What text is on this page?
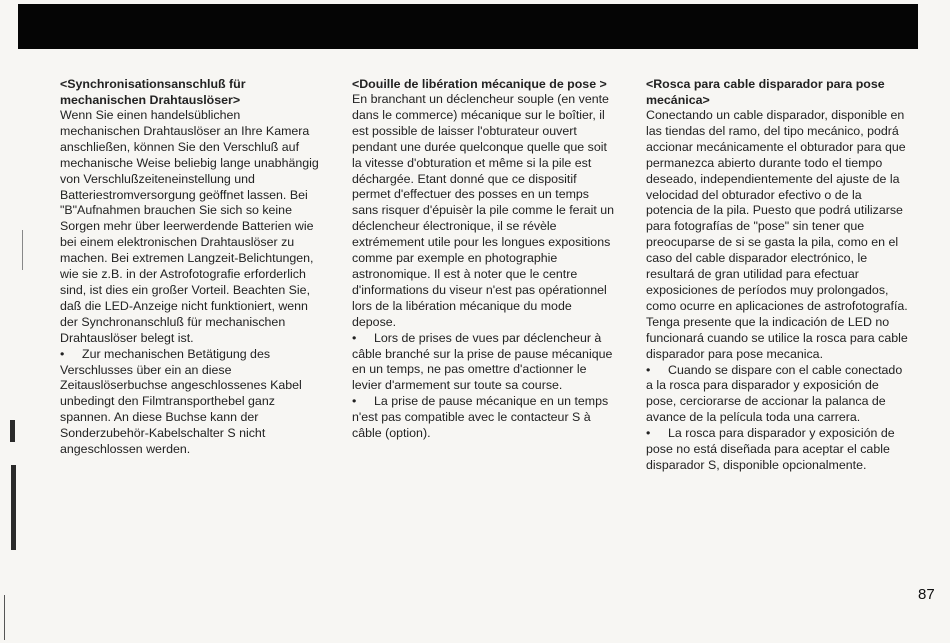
<Synchronisationsanschluß für mechanischen Drahtauslöser>

Wenn Sie einen handelsüblichen mechanischen Drahtauslöser an Ihre Kamera anschließen, können Sie den Verschluß auf mechanische Weise beliebig lange unabhängig von Verschlußzeiteneinstellung und Batteriestromversorgung geöffnet lassen. Bei "B"Aufnahmen brauchen Sie sich so keine Sorgen mehr über leerwerdende Batterien wie bei einem elektronischen Drahtauslöser zu machen. Bei extremen Langzeit-Belichtungen, wie sie z.B. in der Astrofotografie erforderlich sind, ist dies ein großer Vorteil. Beachten Sie, daß die LED-Anzeige nicht funktioniert, wenn der Synchronanschluß für mechanischen Drahtauslöser belegt ist.

• Zur mechanischen Betätigung des Verschlusses über ein an diese Zeitauslöserbuchse angeschlossenes Kabel unbedingt den Filmtransporthebel ganz spannen. An diese Buchse kann der Sonderzubehör-Kabelschalter S nicht angeschlossen werden.

<Douille de libération mécanique de pose >

En branchant un déclencheur souple (en vente dans le commerce) mécanique sur le boîtier, il est possible de laisser l'obturateur ouvert pendant une durée quelconque quelle que soit la vitesse d'obturation et même si la pile est déchargée. Etant donné que ce dispositif permet d'effectuer des posses en un temps sans risquer d'épuisèr la pile comme le ferait un déclencheur électronique, il se révèle extrémement utile pour les longues expositions comme par exemple en photographie astronomique. Il est à noter que le centre d'informations du viseur n'est pas opérationnel lors de la libération mécanique du mode depose.

• Lors de prises de vues par déclencheur à câble branché sur la prise de pause mécanique en un temps, ne pas omettre d'actionner le levier d'armement sur toute sa course.

• La prise de pause mécanique en un temps n'est pas compatible avec le contacteur S à câble (option).

<Rosca para cable disparador para pose mecánica>

Conectando un cable disparador, disponible en las tiendas del ramo, del tipo mecánico, podrá accionar mecánicamente el obturador para que permanezca abierto durante todo el tiempo deseado, independientemente del ajuste de la velocidad del obturador efectivo o de la potencia de la pila. Puesto que podrá utilizarse para fotografías de "pose" sin tener que preocuparse de si se gasta la pila, como en el caso del cable disparador electrónico, le resultará de gran utilidad para efectuar exposiciones de períodos muy prolongados, como ocurre en aplicaciones de astrofotografía. Tenga presente que la indicación de LED no funcionará cuando se utilice la rosca para cable disparador para pose mecanica.

• Cuando se dispare con el cable conectado a la rosca para disparador y exposición de pose, cerciorarse de accionar la palanca de avance de la película toda una carrera.

• La rosca para disparador y exposición de pose no está diseñada para aceptar el cable disparador S, disponible opcionalmente.

87
